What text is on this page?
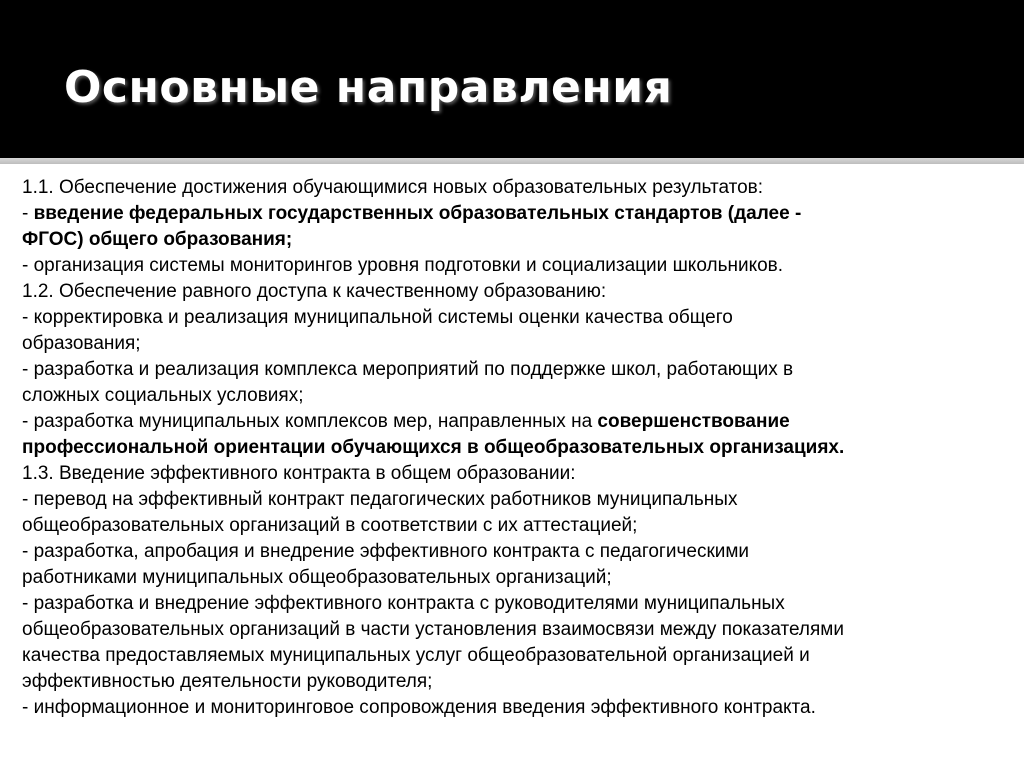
Основные направления
1.1. Обеспечение достижения обучающимися новых образовательных результатов:
- введение федеральных государственных образовательных стандартов (далее -
ФГОС) общего образования;
- организация системы мониторингов уровня подготовки и социализации школьников.
1.2. Обеспечение равного доступа к качественному образованию:
- корректировка и реализация муниципальной системы оценки качества общего
образования;
- разработка и реализация комплекса мероприятий по поддержке школ, работающих в
сложных социальных условиях;
- разработка муниципальных комплексов мер, направленных на совершенствование
профессиональной ориентации обучающихся в общеобразовательных организациях.
1.3. Введение эффективного контракта в общем образовании:
- перевод на эффективный контракт педагогических работников муниципальных
общеобразовательных организаций в соответствии с их аттестацией;
- разработка, апробация и внедрение эффективного контракта с педагогическими
работниками муниципальных общеобразовательных организаций;
- разработка и внедрение эффективного контракта с руководителями муниципальных
общеобразовательных организаций в части установления взаимосвязи между показателями
качества предоставляемых муниципальных услуг общеобразовательной организацией и
эффективностью деятельности руководителя;
- информационное и мониторинговое сопровождения введения эффективного контракта.
